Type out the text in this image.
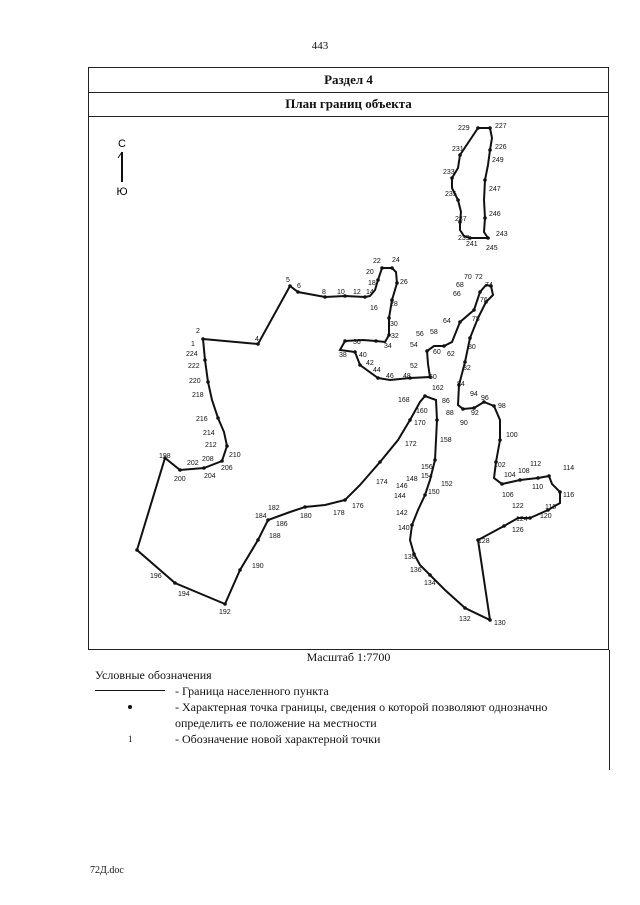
443
Раздел 4
План границ объекта
С
Ю
227
226
249
247
246
243
245
241
239
237
235
233
231
229
1
2
4
5
6
8 10 12 14
16
18
20
22 24
26
28
30
32
34
36
38 40
42
44
46 48	50
52
54
56 58
60 62
64
66
68
70 72
74
76
78
80
82
84
86
88
90
92
94
96
98
100
102
104
106
108
110
112
114
116
118
120
122
124
126
128
130
132
134
136
138
140
142
144
146
148
150
152
154
156
158
160
162
168
170
172
174
176
178
180
182
184
186
188
190
192
194
196
198
200
202
204
206
208
210
212
214
216
218
220
222
224
Масштаб 1:7700
Условные обозначения
- Граница населенного пункта
- Характерная точка границы, сведения о которой позволяют однозначно определить ее положение на местности
1	- Обозначение новой характерной точки
72Д.doc
